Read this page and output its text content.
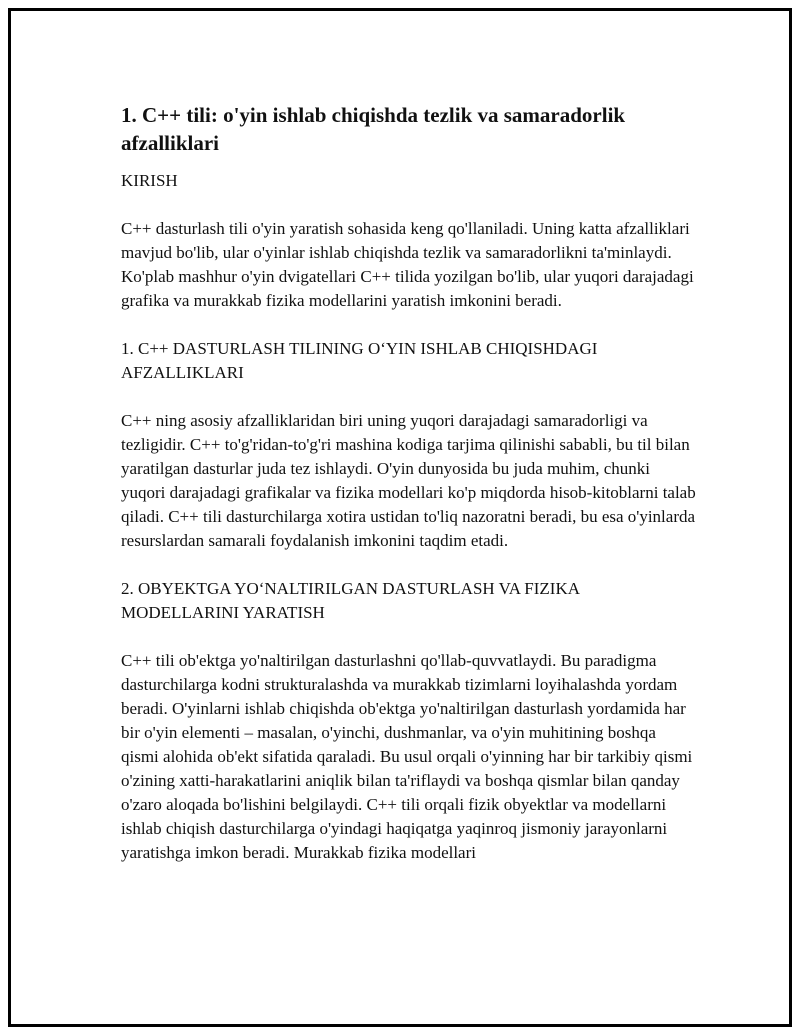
1. C++ tili: o'yin ishlab chiqishda tezlik va samaradorlik afzalliklari

KIRISH

C++ dasturlash tili o'yin yaratish sohasida keng qo'llaniladi. Uning katta afzalliklari mavjud bo'lib, ular o'yinlar ishlab chiqishda tezlik va samaradorlikni ta'minlaydi. Ko'plab mashhur o'yin dvigatellari C++ tilida yozilgan bo'lib, ular yuqori darajadagi grafika va murakkab fizika modellarini yaratish imkonini beradi.

1. C++ DASTURLASH TILINING O‘YIN ISHLAB CHIQISHDAGI AFZALLIKLARI

C++ ning asosiy afzalliklaridan biri uning yuqori darajadagi samaradorligi va tezligidir. C++ to'g'ridan-to'g'ri mashina kodiga tarjima qilinishi sababli, bu til bilan yaratilgan dasturlar juda tez ishlaydi. O'yin dunyosida bu juda muhim, chunki yuqori darajadagi grafikalar va fizika modellari ko'p miqdorda hisob-kitoblarni talab qiladi. C++ tili dasturchilarga xotira ustidan to'liq nazoratni beradi, bu esa o'yinlarda resurslardan samarali foydalanish imkonini taqdim etadi.

2. OBYEKTGA YO‘NALTIRILGAN DASTURLASH VA FIZIKA MODELLARINI YARATISH

C++ tili ob'ektga yo'naltirilgan dasturlashni qo'llab-quvvatlaydi. Bu paradigma dasturchilarga kodni strukturalashda va murakkab tizimlarni loyihalashda yordam beradi. O'yinlarni ishlab chiqishda ob'ektga yo'naltirilgan dasturlash yordamida har bir o'yin elementi – masalan, o'yinchi, dushmanlar, va o'yin muhitining boshqa qismi alohida ob'ekt sifatida qaraladi. Bu usul orqali o'yinning har bir tarkibiy qismi o'zining xatti-harakatlarini aniqlik bilan ta'riflaydi va boshqa qismlar bilan qanday o'zaro aloqada bo'lishini belgilaydi. C++ tili orqali fizik obyektlar va modellarni ishlab chiqish dasturchilarga o'yindagi haqiqatga yaqinroq jismoniy jarayonlarni yaratishga imkon beradi. Murakkab fizika modellari
